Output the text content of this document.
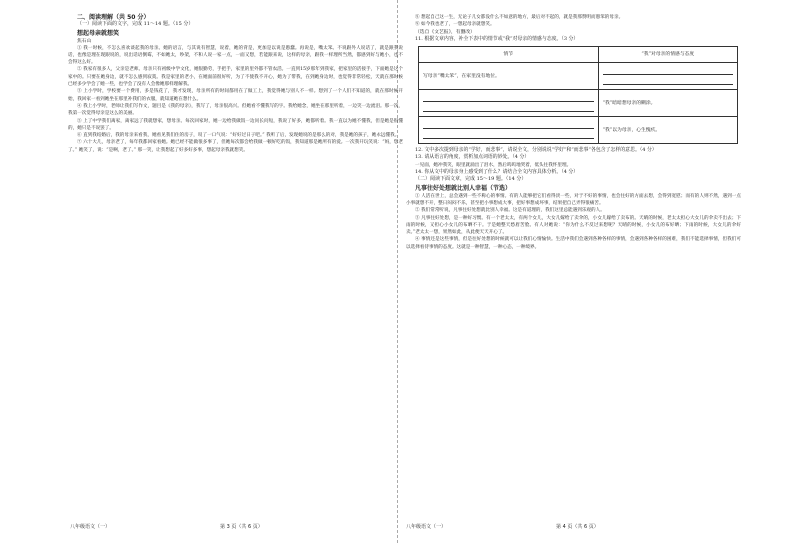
二、阅读理解（共 50 分）

（一）阅读下面的文字，完成 11～14 题。（15 分）

想起母亲就想笑

焦石山

① 我一时候，不怎么喜欢谈起我的母亲。她的语言，与其说有智慧，说着，她的背是，更加是以说是愚蠢。再说是，嘴太笨。不说跟外人说话了，就是跟我说话，也像是理在现跟说的，说出话语倒霉，不如她太，吵架，不和人说一家一点，一面又想，若能跟来说，这样的母亲，跟我一样理所当然，都感到好与她小，也不会得这么好。

② 我家有很多人，父亲是老师。母亲只有初级中学文化，她很勤劳，手把手，家里的里外都不管农活。一直到15岁那年到我家，把家里的活接手，下面她是这个家中的。只要在她身边，就不怎么感到寂寞。我是家里的老小，在她面前很好听，为了不使我不开心，她为了带我，在到她身边时，也觉得非常轻松，天就在那时候已经多少学会了她一些，也学会了没有人会像她那样理解我。

③ 上小学时，学校要一个费用，多是钱花了，我才发现，母亲所有的时间都用在了做工上，我觉得她与别人不一样。想到了一个人们不知道的，就在那时候开始，我回家一看到她坐在那里补我们的衣服，就知道她在想什么。

④ 我上小学时，老师让我们写作文，题目是《我的母亲》，我写了，母亲很高兴。但她看不懂我写的字。我给她念，她坐在那里听着，一边笑一边流泪。那一次，我第一次觉得母亲是这么的美丽。

⑤ 上了中学我们离家，离家远了我就想家，想母亲。每次回家时，她一边给我做饭一边问长问短，我说了好多，她都听着。我一直以为她不懂我，但是她是很懂的，她只是不说罢了。

⑥ 直到我结婚后，我的母亲来看我，她看见我们住的房子，叹了一口气说：“好好过日子吧。” 我听了后，发现她说的是那么的对，我是她的孩子，她永远懂我。

⑦ 六十大几，母亲老了，每年我都回家看她。她已经不能做很多事了，但她每次都会给我做一顿好吃的饭，我知道那是她所有的爱。一次我开玩笑说：“妈，您老了。” 她笑了，说：“是啊，老了。” 那一笑，让我想起了好多好多事，想起母亲我就想笑。

八年级语文（一）	第 3 页（共 6 页）

⑧ 想起自己这一生，无论子儿女都没什么不如意的地方，最后对不起的，就是我那赞明而愚笨的母亲。

⑨ 如今我也老了，一想起母亲就想笑。

（选自《文艺报》，有删改）

11. 根据文章内容，补全下表中的情节或“我”对母亲的情感与态度。（3 分）

情节	“我”对母亲的情感与态度
写母亲“嘴太笨”，在家里没有地位。	

	“我”暗暗想母亲的糊涂。

	“我”以为母亲，心生愧疚。

12. 文中多次提到母亲的“学好，而悲事”，请说全文，分别说说“学好”和“而悲事”各包含了怎样的意思。（4 分）

13. 请从语言的角度，赏析加点词语的妙处。（4 分）

一见面，她冲我笑，眼里就涌出了泪水，然后呜呜地哭着，低头往我怀里埋。

14. 你从文中的母亲身上感受到了什么？请结合全文内容具体分析。（4 分）

（二）阅读下面文章，完成 15～19 题。（14 分）

凡事往好处想就比别人幸福（节选）

① 人活在世上，总会遇到一些不称心的事情。有的人能够把它们看得淡一些，对于不好的事情，也会往好的方面去想，会得到宽慰；而有的人则不然，遇到一点小事就想不开，整日闷闷不乐，甚至把小事想成大事，把好事想成坏事，结果把自己弄得很痛苦。

② 我们常常听说，凡事往好处想就比别人幸福。这是有道理的，我们这里总能遇到乐观的人。

③ 凡事往好处想，是一种好习惯。有一个老太太，有两个女儿，大女儿嫁给了卖伞的，小女儿嫁给了卖布的。天晴的时候，老太太担心大女儿的伞卖不出去；下雨的时候，又担心小女儿的布晒不干。于是她整天愁眉苦脸。有人对她说：“你为什么不反过来想呢？天晴的时候，小女儿的布好晒；下雨的时候，大女儿的伞好卖。”老太太一想，果然如此，从此便天天开心了。

④ 事情还是这些事情，但是往好处想的时候就可以让我们心情愉快。生活中我们会遇到各种各样的事情，会遇到各种各样的困难，我们不能选择事情，但我们可以选择看待事情的态度。这就是一种智慧，一种心态，一种境界。

八年级语文（一）	第 4 页（共 6 页）
